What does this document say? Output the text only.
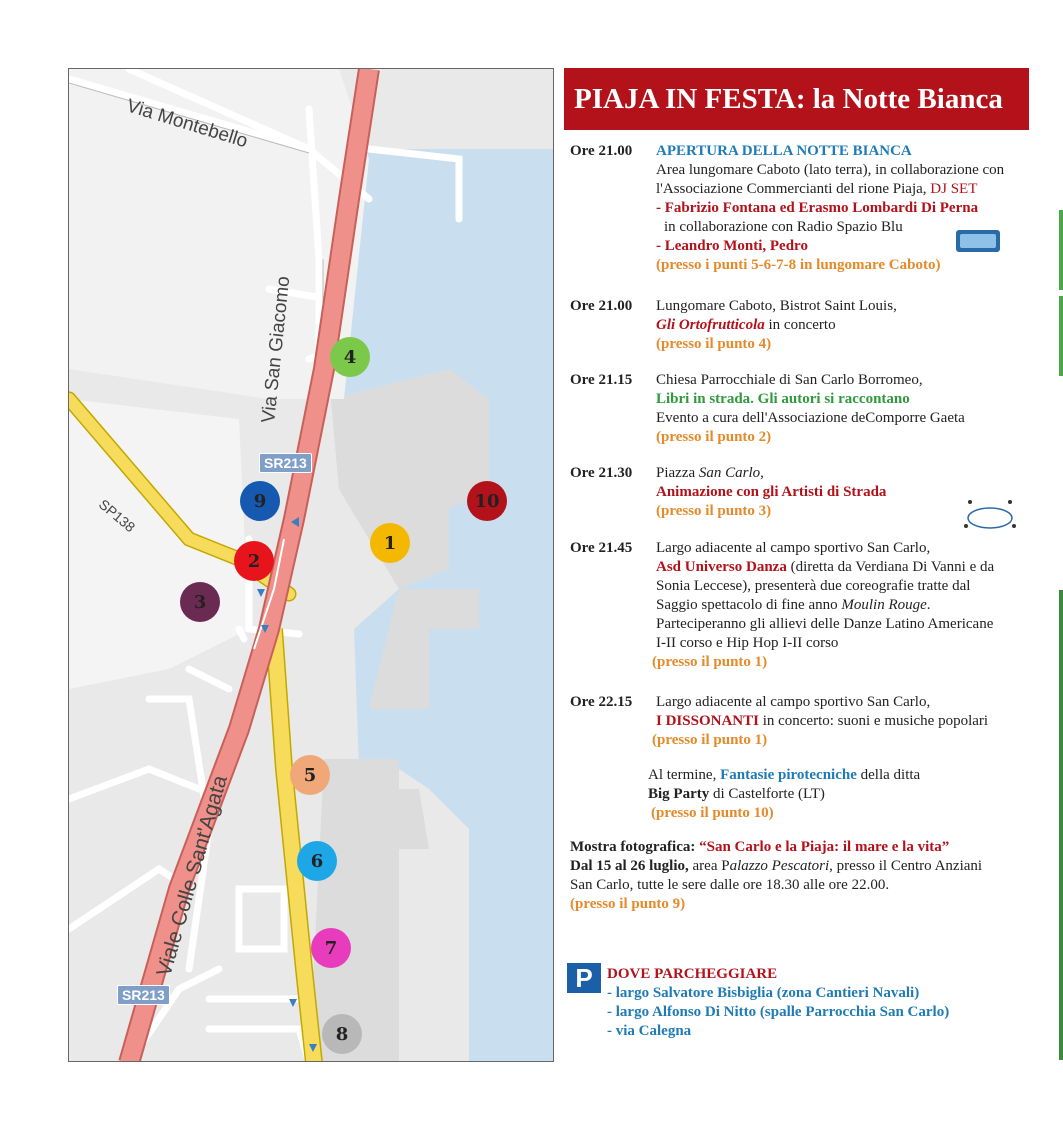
Via Montebello
Via San Giacomo
SP138
Viale Colle Sant'Agata
SR213
SR213
4
9	10
1
2
3
5
6
7
8
PIAJA IN FESTA: la Notte Bianca
Ore 21.00 APERTURA DELLA NOTTE BIANCA
Area lungomare Caboto (lato terra), in collaborazione con
l'Associazione Commercianti del rione Piaja, DJ SET
- Fabrizio Fontana ed Erasmo Lombardi Di Perna
in collaborazione con Radio Spazio Blu
- Leandro Monti, Pedro
(presso i punti 5-6-7-8 in lungomare Caboto)
Ore 21.00 Lungomare Caboto, Bistrot Saint Louis,
Gli Ortofrutticola in concerto
(presso il punto 4)
Ore 21.15 Chiesa Parrocchiale di San Carlo Borromeo,
Libri in strada. Gli autori si raccontano
Evento a cura dell'Associazione deComporre Gaeta
(presso il punto 2)
Ore 21.30 Piazza San Carlo,
Animazione con gli Artisti di Strada
(presso il punto 3)
Ore 21.45 Largo adiacente al campo sportivo San Carlo,
Asd Universo Danza (diretta da Verdiana Di Vanni e da
Sonia Leccese), presenterà due coreografie tratte dal
Saggio spettacolo di fine anno Moulin Rouge.
Parteciperanno gli allievi delle Danze Latino Americane
I-II corso e Hip Hop I-II corso
(presso il punto 1)
Ore 22.15 Largo adiacente al campo sportivo San Carlo,
I DISSONANTI in concerto: suoni e musiche popolari
(presso il punto 1)
Al termine, Fantasie pirotecniche della ditta
Big Party di Castelforte (LT)
(presso il punto 10)
Mostra fotografica: “San Carlo e la Piaja: il mare e la vita”
Dal 15 al 26 luglio, area Palazzo Pescatori, presso il Centro Anziani
San Carlo, tutte le sere dalle ore 18.30 alle ore 22.00.
(presso il punto 9)
P DOVE PARCHEGGIARE
- largo Salvatore Bisbiglia (zona Cantieri Navali)
- largo Alfonso Di Nitto (spalle Parrocchia San Carlo)
- via Calegna
